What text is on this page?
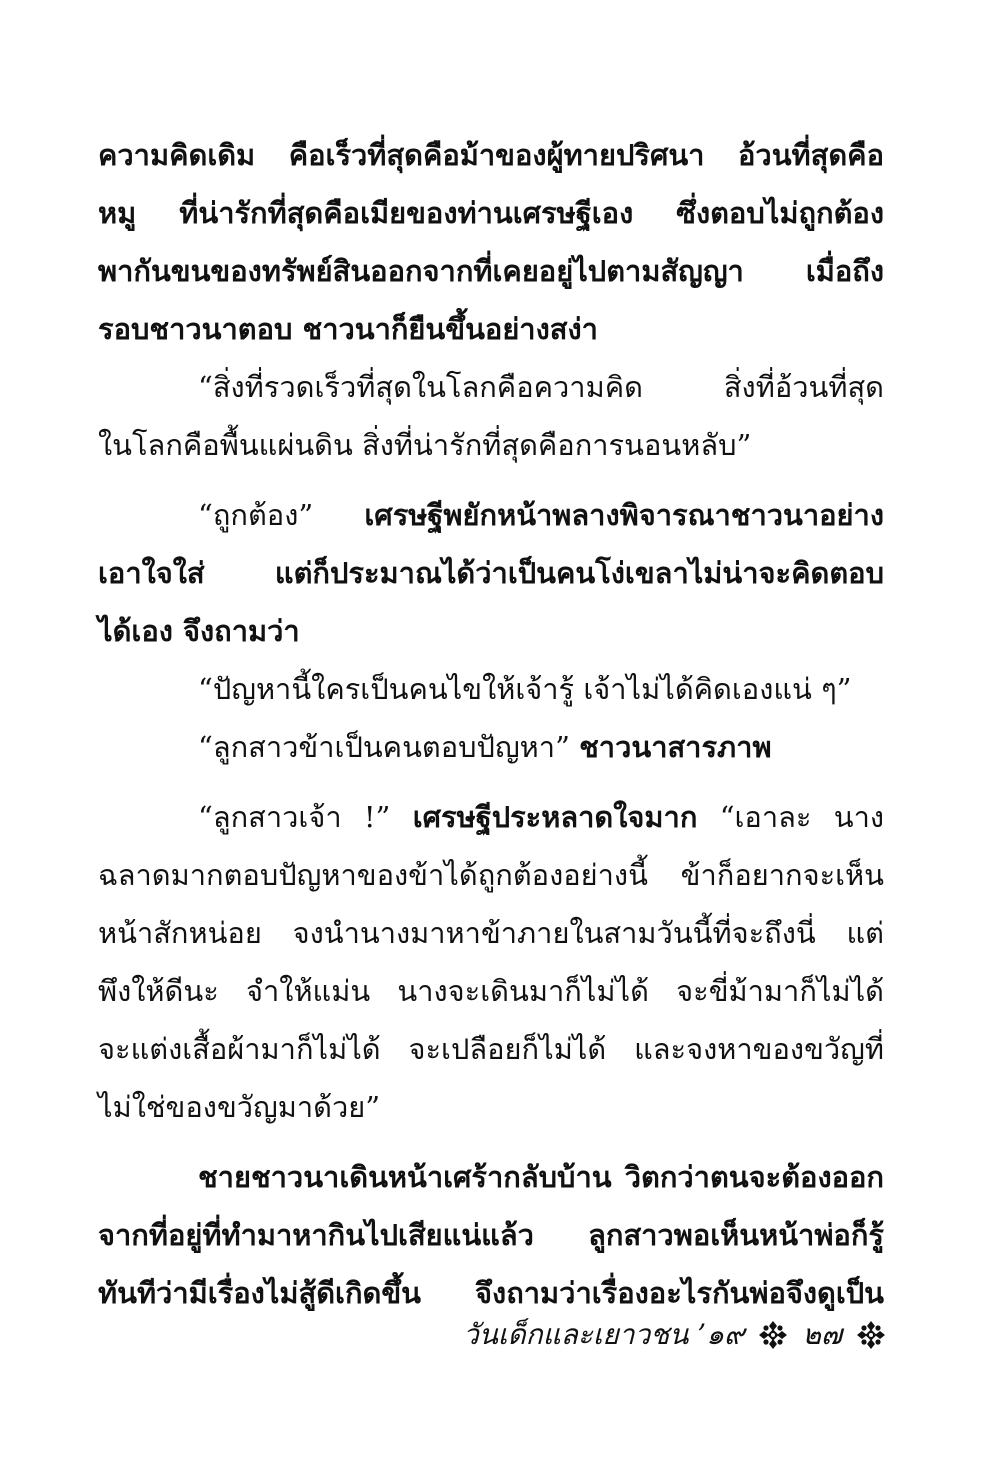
ความคิดเดิม คือเร็วที่สุดคือม้าของผู้ทายปริศนา อ้วนที่สุดคือ
หมู ที่น่ารักที่สุดคือเมียของท่านเศรษฐีเอง ซึ่งตอบไม่ถูกต้อง
พากันขนของทรัพย์สินออกจากที่เคยอยู่ไปตามสัญญา เมื่อถึง
รอบชาวนาตอบ ชาวนาก็ยืนขึ้นอย่างสง่า
“สิ่งที่รวดเร็วที่สุดในโลกคือความคิด สิ่งที่อ้วนที่สุด
ในโลกคือพื้นแผ่นดิน สิ่งที่น่ารักที่สุดคือการนอนหลับ”
“ถูกต้อง” เศรษฐีพยักหน้าพลางพิจารณาชาวนาอย่าง
เอาใจใส่ แต่ก็ประมาณได้ว่าเป็นคนโง่เขลาไม่น่าจะคิดตอบ
ได้เอง จึงถามว่า
“ปัญหานี้ใครเป็นคนไขให้เจ้ารู้ เจ้าไม่ได้คิดเองแน่ ๆ”
“ลูกสาวข้าเป็นคนตอบปัญหา” ชาวนาสารภาพ
“ลูกสาวเจ้า !” เศรษฐีประหลาดใจมาก “เอาละ นาง
ฉลาดมากตอบปัญหาของข้าได้ถูกต้องอย่างนี้ ข้าก็อยากจะเห็น
หน้าสักหน่อย จงนำนางมาหาข้าภายในสามวันนี้ที่จะถึงนี่ แต่
พึงให้ดีนะ จำให้แม่น นางจะเดินมาก็ไม่ได้ จะขี่ม้ามาก็ไม่ได้
จะแต่งเสื้อผ้ามาก็ไม่ได้ จะเปลือยก็ไม่ได้ และจงหาของขวัญที่
ไม่ใช่ของขวัญมาด้วย”
ชายชาวนาเดินหน้าเศร้ากลับบ้าน วิตกว่าตนจะต้องออก
จากที่อยู่ที่ทำมาหากินไปเสียแน่แล้ว ลูกสาวพอเห็นหน้าพ่อก็รู้
ทันทีว่ามีเรื่องไม่สู้ดีเกิดขึ้น จึงถามว่าเรื่องอะไรกันพ่อจึงดูเป็น
วันเด็กและเยาวชน ’๑๙ ๒๗
